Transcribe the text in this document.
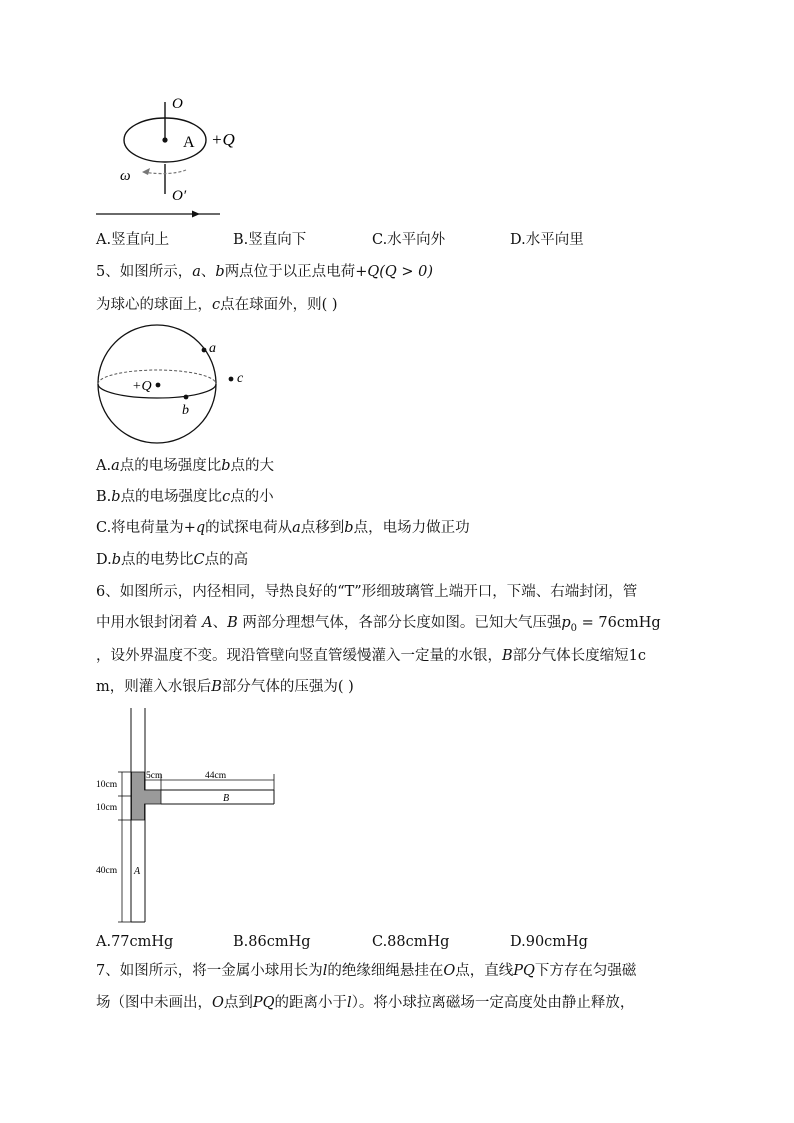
O
A +Q
ω
O′
A.竖直向上	B.竖直向下	C.水平向外	D.水平向里
5、如图所示，a、b两点位于以正点电荷+Q(Q > 0)
为球心的球面上，c点在球面外，则( )
+Q
a
b
c
A.a点的电场强度比b点的大
B.b点的电场强度比c点的小
C.将电荷量为+q的试探电荷从a点移到b点，电场力做正功
D.b点的电势比C点的高
6、如图所示，内径相同，导热良好的“T”形细玻璃管上端开口，下端、右端封闭，管
中用水银封闭着 A、B 两部分理想气体，各部分长度如图。已知大气压强$p_0$ = 76cmHg
，设外界温度不变。现沿管壁向竖直管缓慢灌入一定量的水银，B部分气体长度缩短1c
m，则灌入水银后B部分气体的压强为( )
10cm
10cm
40cm
5cm	44cm
A
B
A.77cmHg	B.86cmHg	C.88cmHg	D.90cmHg
7、如图所示，将一金属小球用长为l的绝缘细绳悬挂在O点，直线PQ下方存在匀强磁
场（图中未画出，O点到PQ的距离小于l）。将小球拉离磁场一定高度处由静止释放，
